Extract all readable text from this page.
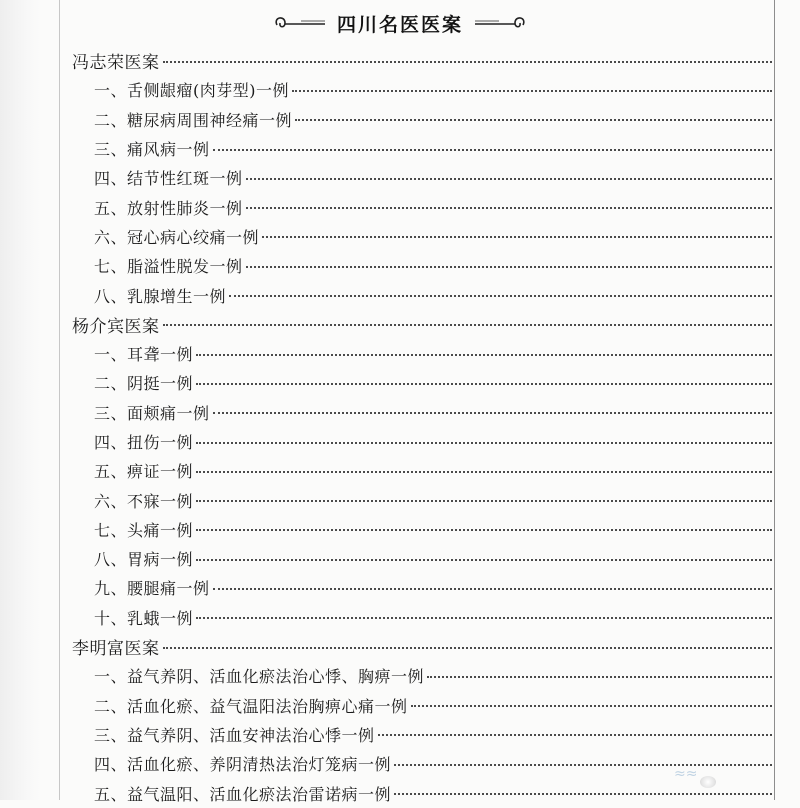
四川名医医案
冯志荣医案
一、舌侧龈瘤(肉芽型)一例
二、糖尿病周围神经痛一例
三、痛风病一例
四、结节性红斑一例
五、放射性肺炎一例
六、冠心病心绞痛一例
七、脂溢性脱发一例
八、乳腺增生一例
杨介宾医案
一、耳聋一例
二、阴挺一例
三、面颊痛一例
四、扭伤一例
五、痹证一例
六、不寐一例
七、头痛一例
八、胃病一例
九、腰腿痛一例
十、乳蛾一例
李明富医案
一、益气养阴、活血化瘀法治心悸、胸痹一例
二、活血化瘀、益气温阳法治胸痹心痛一例
三、益气养阴、活血安神法治心悸一例
四、活血化瘀、养阴清热法治灯笼病一例
五、益气温阳、活血化瘀法治雷诺病一例
≈≈
